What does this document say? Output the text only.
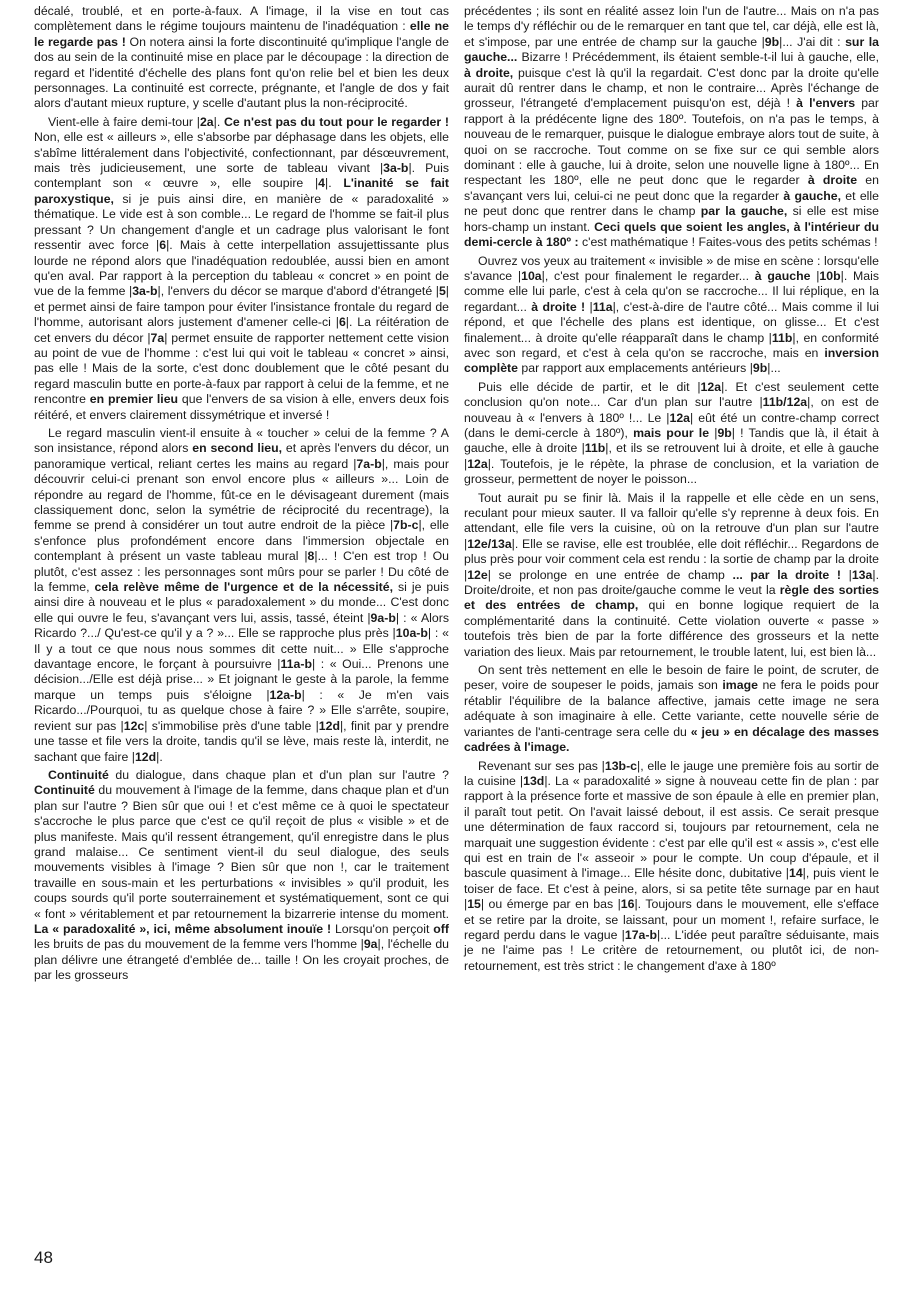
décalé, troublé, et en porte-à-faux. A l'image, il la vise en tout cas complètement dans le régime toujours maintenu de l'inadéquation : elle ne le regarde pas ! On notera ainsi la forte discontinuité qu'implique l'angle de dos au sein de la continuité mise en place par le découpage : la direction de regard et l'identité d'échelle des plans font qu'on relie bel et bien les deux personnages. La continuité est correcte, prégnante, et l'angle de dos y fait alors d'autant mieux rupture, y scelle d'autant plus la non-réciprocité.

Vient-elle à faire demi-tour |2a|. Ce n'est pas du tout pour le regarder ! Non, elle est « ailleurs », elle s'absorbe par déphasage dans les objets, elle s'abîme littéralement dans l'objectivité, confectionnant, par désœuvrement, mais très judicieusement, une sorte de tableau vivant |3a-b|. Puis contemplant son « œuvre », elle soupire |4|. L'inanité se fait paroxystique, si je puis ainsi dire, en manière de « paradoxalité » thématique. Le vide est à son comble... Le regard de l'homme se fait-il plus pressant ? Un changement d'angle et un cadrage plus valorisant le font ressentir avec force |6|. Mais à cette interpellation assujettissante plus lourde ne répond alors que l'inadéquation redoublée, aussi bien en amont qu'en aval. Par rapport à la perception du tableau « concret » en point de vue de la femme |3a-b|, l'envers du décor se marque d'abord d'étrangeté |5| et permet ainsi de faire tampon pour éviter l'insistance frontale du regard de l'homme, autorisant alors justement d'amener celle-ci |6|. La réitération de cet envers du décor |7a| permet ensuite de rapporter nettement cette vision au point de vue de l'homme : c'est lui qui voit le tableau « concret » ainsi, pas elle ! Mais de la sorte, c'est donc doublement que le côté pesant du regard masculin butte en porte-à-faux par rapport à celui de la femme, et ne rencontre en premier lieu que l'envers de sa vision à elle, envers deux fois réitéré, et envers clairement dissymétrique et inversé !

Le regard masculin vient-il ensuite à « toucher » celui de la femme ? A son insistance, répond alors en second lieu, et après l'envers du décor, un panoramique vertical, reliant certes les mains au regard |7a-b|, mais pour découvrir celui-ci prenant son envol encore plus « ailleurs »... Loin de répondre au regard de l'homme, fût-ce en le dévisageant durement (mais classiquement donc, selon la symétrie de réciprocité du recentrage), la femme se prend à considérer un tout autre endroit de la pièce |7b-c|, elle s'enfonce plus profondément encore dans l'immersion objectale en contemplant à présent un vaste tableau mural |8|... ! C'en est trop ! Ou plutôt, c'est assez : les personnages sont mûrs pour se parler ! Du côté de la femme, cela relève même de l'urgence et de la nécessité, si je puis ainsi dire à nouveau et le plus « paradoxalement » du monde... C'est donc elle qui ouvre le feu, s'avançant vers lui, assis, tassé, éteint |9a-b| : « Alors Ricardo ?.../ Qu'est-ce qu'il y a ? »... Elle se rapproche plus près |10a-b| : « Il y a tout ce que nous nous sommes dit cette nuit... » Elle s'approche davantage encore, le forçant à poursuivre |11a-b| : « Oui... Prenons une décision.../Elle est déjà prise... » Et joignant le geste à la parole, la femme marque un temps puis s'éloigne |12a-b| : « Je m'en vais Ricardo.../Pourquoi, tu as quelque chose à faire ? » Elle s'arrête, soupire, revient sur pas |12c| s'immobilise près d'une table |12d|, finit par y prendre une tasse et file vers la droite, tandis qu'il se lève, mais reste là, interdit, ne sachant que faire |12d|.

Continuité du dialogue, dans chaque plan et d'un plan sur l'autre ? Continuité du mouvement à l'image de la femme, dans chaque plan et d'un plan sur l'autre ? Bien sûr que oui ! et c'est même ce à quoi le spectateur s'accroche le plus parce que c'est ce qu'il reçoit de plus « visible » et de plus manifeste. Mais qu'il ressent étrangement, qu'il enregistre dans le plus grand malaise... Ce sentiment vient-il du seul dialogue, des seuls mouvements visibles à l'image ? Bien sûr que non !, car le traitement travaille en sous-main et les perturbations « invisibles » qu'il produit, les coups sourds qu'il porte souterrainement et systématiquement, sont ce qui « font » véritablement et par retournement la bizarrerie intense du moment. La « paradoxalité », ici, même absolument inouïe ! Lorsqu'on perçoit off les bruits de pas du mouvement de la femme vers l'homme |9a|, l'échelle du plan délivre une étrangeté d'emblée de... taille ! On les croyait proches, de par les grosseurs

précédentes ; ils sont en réalité assez loin l'un de l'autre... Mais on n'a pas le temps d'y réfléchir ou de le remarquer en tant que tel, car déjà, elle est là, et s'impose, par une entrée de champ sur la gauche |9b|... J'ai dit : sur la gauche... Bizarre ! Précédemment, ils étaient semble-t-il lui à gauche, elle, à droite, puisque c'est là qu'il la regardait. C'est donc par la droite qu'elle aurait dû rentrer dans le champ, et non le contraire... Après l'échange de grosseur, l'étrangeté d'emplacement puisqu'on est, déjà ! à l'envers par rapport à la prédécente ligne des 180º. Toutefois, on n'a pas le temps, à nouveau de le remarquer, puisque le dialogue embraye alors tout de suite, à quoi on se raccroche. Tout comme on se fixe sur ce qui semble alors dominant : elle à gauche, lui à droite, selon une nouvelle ligne à 180º... En respectant les 180º, elle ne peut donc que le regarder à droite en s'avançant vers lui, celui-ci ne peut donc que la regarder à gauche, et elle ne peut donc que rentrer dans le champ par la gauche, si elle est mise hors-champ un instant. Ceci quels que soient les angles, à l'intérieur du demi-cercle à 180º : c'est mathématique ! Faites-vous des petits schémas !

Ouvrez vos yeux au traitement « invisible » de mise en scène : lorsqu'elle s'avance |10a|, c'est pour finalement le regarder... à gauche |10b|. Mais comme elle lui parle, c'est à cela qu'on se raccroche... Il lui réplique, en la regardant... à droite ! |11a|, c'est-à-dire de l'autre côté... Mais comme il lui répond, et que l'échelle des plans est identique, on glisse... Et c'est finalement... à droite qu'elle réapparaît dans le champ |11b|, en conformité avec son regard, et c'est à cela qu'on se raccroche, mais en inversion complète par rapport aux emplacements antérieurs |9b|...

Puis elle décide de partir, et le dit |12a|. Et c'est seulement cette conclusion qu'on note... Car d'un plan sur l'autre |11b/12a|, on est de nouveau à « l'envers à 180º !... Le |12a| eût été un contre-champ correct (dans le demi-cercle à 180º), mais pour le |9b| ! Tandis que là, il était à gauche, elle à droite |11b|, et ils se retrouvent lui à droite, et elle à gauche |12a|. Toutefois, je le répète, la phrase de conclusion, et la variation de grosseur, permettent de noyer le poisson...

Tout aurait pu se finir là. Mais il la rappelle et elle cède en un sens, reculant pour mieux sauter. Il va falloir qu'elle s'y reprenne à deux fois. En attendant, elle file vers la cuisine, où on la retrouve d'un plan sur l'autre |12e/13a|. Elle se ravise, elle est troublée, elle doit réfléchir... Regardons de plus près pour voir comment cela est rendu : la sortie de champ par la droite |12e| se prolonge en une entrée de champ ... par la droite ! |13a|. Droite/droite, et non pas droite/gauche comme le veut la règle des sorties et des entrées de champ, qui en bonne logique requiert de la complémentarité dans la continuité. Cette violation ouverte « passe » toutefois très bien de par la forte différence des grosseurs et la nette variation des lieux. Mais par retournement, le trouble latent, lui, est bien là...

On sent très nettement en elle le besoin de faire le point, de scruter, de peser, voire de soupeser le poids, jamais son image ne fera le poids pour rétablir l'équilibre de la balance affective, jamais cette image ne sera adéquate à son imaginaire à elle. Cette variante, cette nouvelle série de variantes de l'anti-centrage sera celle du « jeu » en décalage des masses cadrées à l'image.

Revenant sur ses pas |13b-c|, elle le jauge une première fois au sortir de la cuisine |13d|. La « paradoxalité » signe à nouveau cette fin de plan : par rapport à la présence forte et massive de son épaule à elle en premier plan, il paraît tout petit. On l'avait laissé debout, il est assis. Ce serait presque une détermination de faux raccord si, toujours par retournement, cela ne marquait une suggestion évidente : c'est par elle qu'il est « assis », c'est elle qui est en train de l'« asseoir » pour le compte. Un coup d'épaule, et il bascule quasiment à l'image... Elle hésite donc, dubitative |14|, puis vient le toiser de face. Et c'est à peine, alors, si sa petite tête surnage par en haut |15| ou émerge par en bas |16|. Toujours dans le mouvement, elle s'efface et se retire par la droite, se laissant, pour un moment !, refaire surface, le regard perdu dans le vague |17a-b|... L'idée peut paraître séduisante, mais je ne l'aime pas ! Le critère de retournement, ou plutôt ici, de non-retournement, est très strict : le changement d'axe à 180º

48
